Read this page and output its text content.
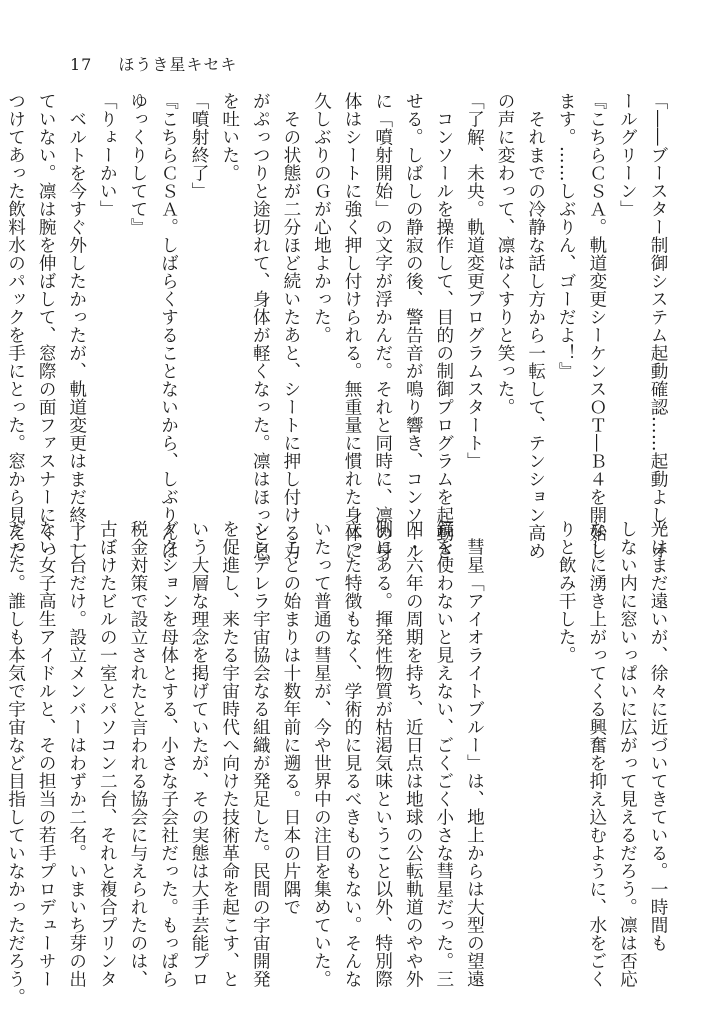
17 ほうき星キセキ
「――ブースター制御システム起動確認……起動よし。オ
ールグリーン」
『こちらＣＳＡ。軌道変更シーケンスＯＴ―Ｂ４を開始し
ます。……しぶりん、ゴーだよ！』
　それまでの冷静な話し方から一転して、テンション高め
の声に変わって、凛はくすりと笑った。
「了解、未央。軌道変更プログラムスタート」
　コンソールを操作して、目的の制御プログラムを起動さ
せる。しばしの静寂の後、警告音が鳴り響き、コンソール
に「噴射開始」の文字が浮かんだ。それと同時に、凛の身
体はシートに強く押し付けられる。無重量に慣れた身体に
久しぶりのＧが心地よかった。
　その状態が二分ほど続いたあと、シートに押し付ける力
がぷっつりと途切れて、身体が軽くなった。凛はほっと息
を吐いた。
「噴射終了」
『こちらＣＳＡ。しばらくすることないから、しぶりんは
ゆっくりしてて』
「りょーかい」
　ベルトを今すぐ外したかったが、軌道変更はまだ終了し
ていない。凛は腕を伸ばして、窓際の面ファスナーにくっ
つけてあった飲料水のパックを手にとった。窓から見えた
光はまだ遠いが、徐々に近づいてきている。一時間も
しない内に窓いっぱいに広がって見えるだろう。凛は否応
なしに湧き上がってくる興奮を抑え込むように、水をごく
りと飲み干した。

　彗星「アイオライトブルー」は、地上からは大型の望遠
鏡を使わないと見えない、ごくごく小さな彗星だった。三
四・六年の周期を持ち、近日点は地球の公転軌道のやや外
側にある。揮発性物質が枯渇気味ということ以外、特別際
立った特徴もなく、学術的に見るべきものもない。そんな
いたって普通の彗星が、今や世界中の注目を集めていた。
　ことの始まりは十数年前に遡る。日本の片隅で
シンデレラ宇宙協会なる組織が発足した。民間の宇宙開発
を促進し、来たる宇宙時代へ向けた技術革命を起こす、と
いう大層な理念を掲げていたが、その実態は大手芸能プロ
ダクションを母体とする、小さな子会社だった。もっぱら
税金対策で設立されたと言われる協会に与えられたのは、
古ぼけたビルの一室とパソコン二台、それと複合プリンタ
ー一台だけ。設立メンバーはわずか二名。いまいち芽の出
ない女子高生アイドルと、その担当の若手プロデューサー
だった。誰しも本気で宇宙など目指していなかっただろう。
